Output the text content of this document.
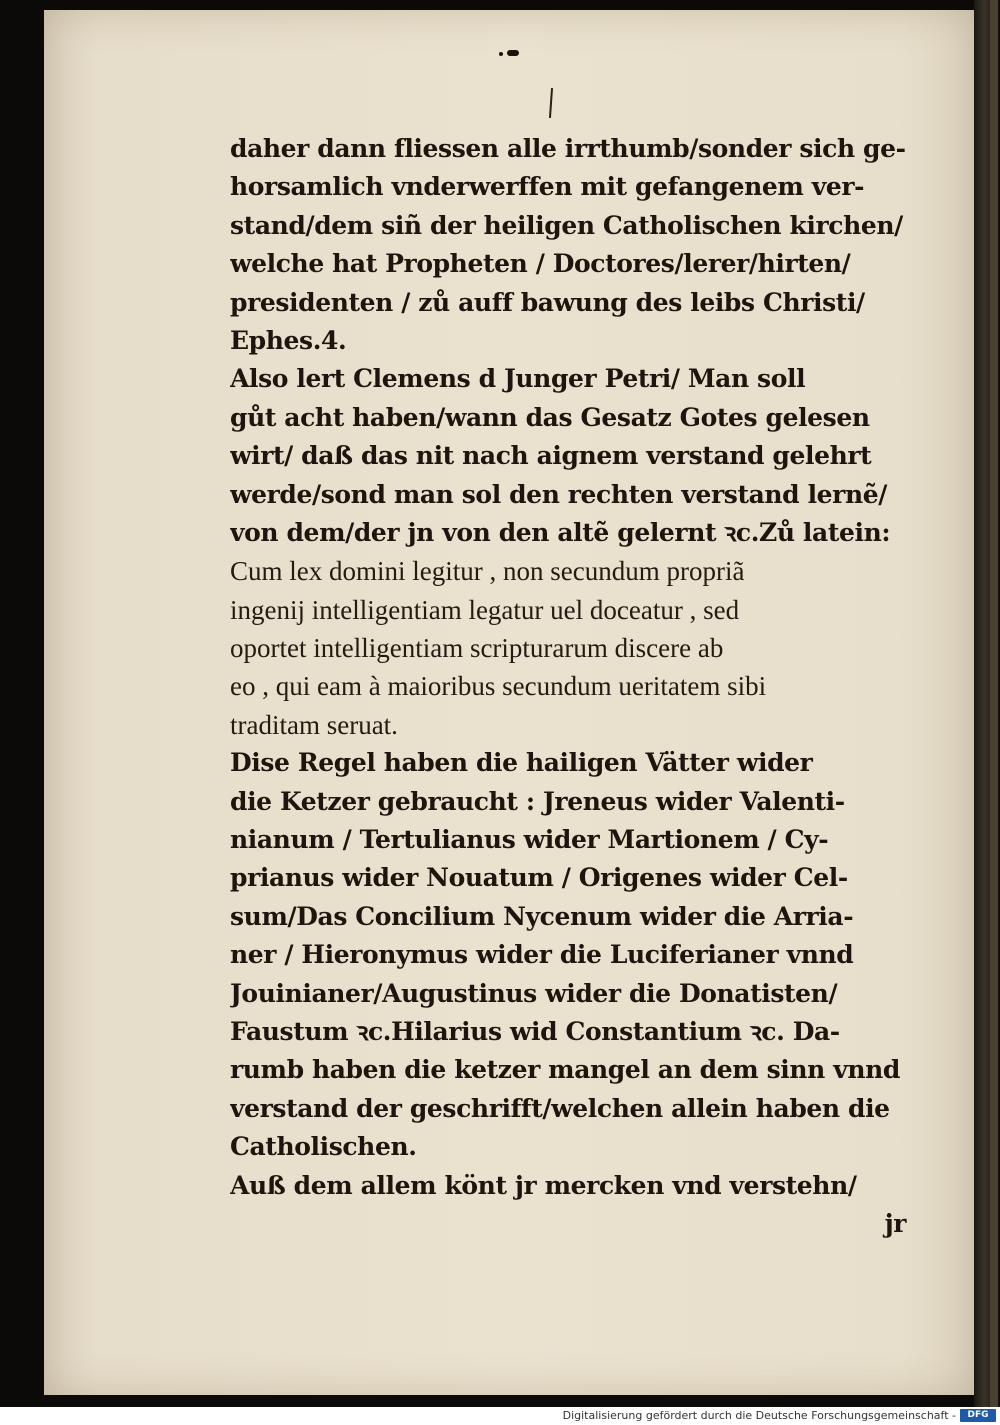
daher dann fliessen alle irrthumb/sonder sich ge-
horsamlich vnderwerffen mit gefangenem ver-
stand/dem siñ der heiligen Catholischen kirchen/
welche hat Propheten / Doctores/lerer/hirten/
presidenten / zů auff bawung des leibs Christi/
Ephes.4.
Also lert Clemens d Junger Petri/ Man soll
gůt acht haben/wann das Gesatz Gotes gelesen
wirt/ daß das nit nach aignem verstand gelehrt
werde/sond man sol den rechten verstand lernẽ/
von dem/der jn von den altẽ gelernt ꝛc.Zů latein:
Cum lex domini legitur , non secundum propriã
ingenij intelligentiam legatur uel doceatur , sed
oportet intelligentiam scripturarum discere ab
eo , qui eam à maioribus secundum ueritatem sibi
traditam seruat.
Dise Regel haben die hailigen Vätter wider
die Ketzer gebraucht : Jreneus wider Valenti-
nianum / Tertulianus wider Martionem / Cy-
prianus wider Nouatum / Origenes wider Cel-
sum/Das Concilium Nycenum wider die Arria-
ner / Hieronymus wider die Luciferianer vnnd
Jouinianer/Augustinus wider die Donatisten/
Faustum ꝛc.Hilarius wid Constantium ꝛc. Da-
rumb haben die ketzer mangel an dem sinn vnnd
verstand der geschrifft/welchen allein haben die
Catholischen.
Auß dem allem könt jr mercken vnd verstehn/
jr
Digitalisierung gefördert durch die Deutsche Forschungsgemeinschaft -	DFG
